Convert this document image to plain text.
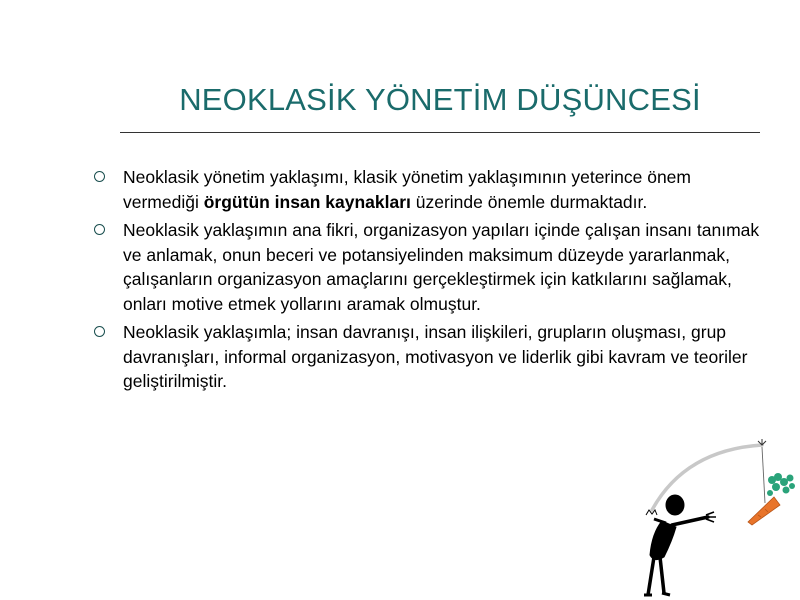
NEOKLASİK YÖNETİM DÜŞÜNCESİ
Neoklasik yönetim yaklaşımı, klasik yönetim yaklaşımının yeterince önem vermediği örgütün insan kaynakları üzerinde önemle durmaktadır.
Neoklasik yaklaşımın ana fikri, organizasyon yapıları içinde çalışan insanı tanımak ve anlamak, onun beceri ve potansiyelinden maksimum düzeyde yararlanmak, çalışanların organizasyon amaçlarını gerçekleştirmek için katkılarını sağlamak, onları motive etmek yollarını aramak olmuştur.
Neoklasik yaklaşımla; insan davranışı, insan ilişkileri, grupların oluşması, grup davranışları, informal organizasyon, motivasyon ve liderlik gibi kavram ve teoriler geliştirilmiştir.
